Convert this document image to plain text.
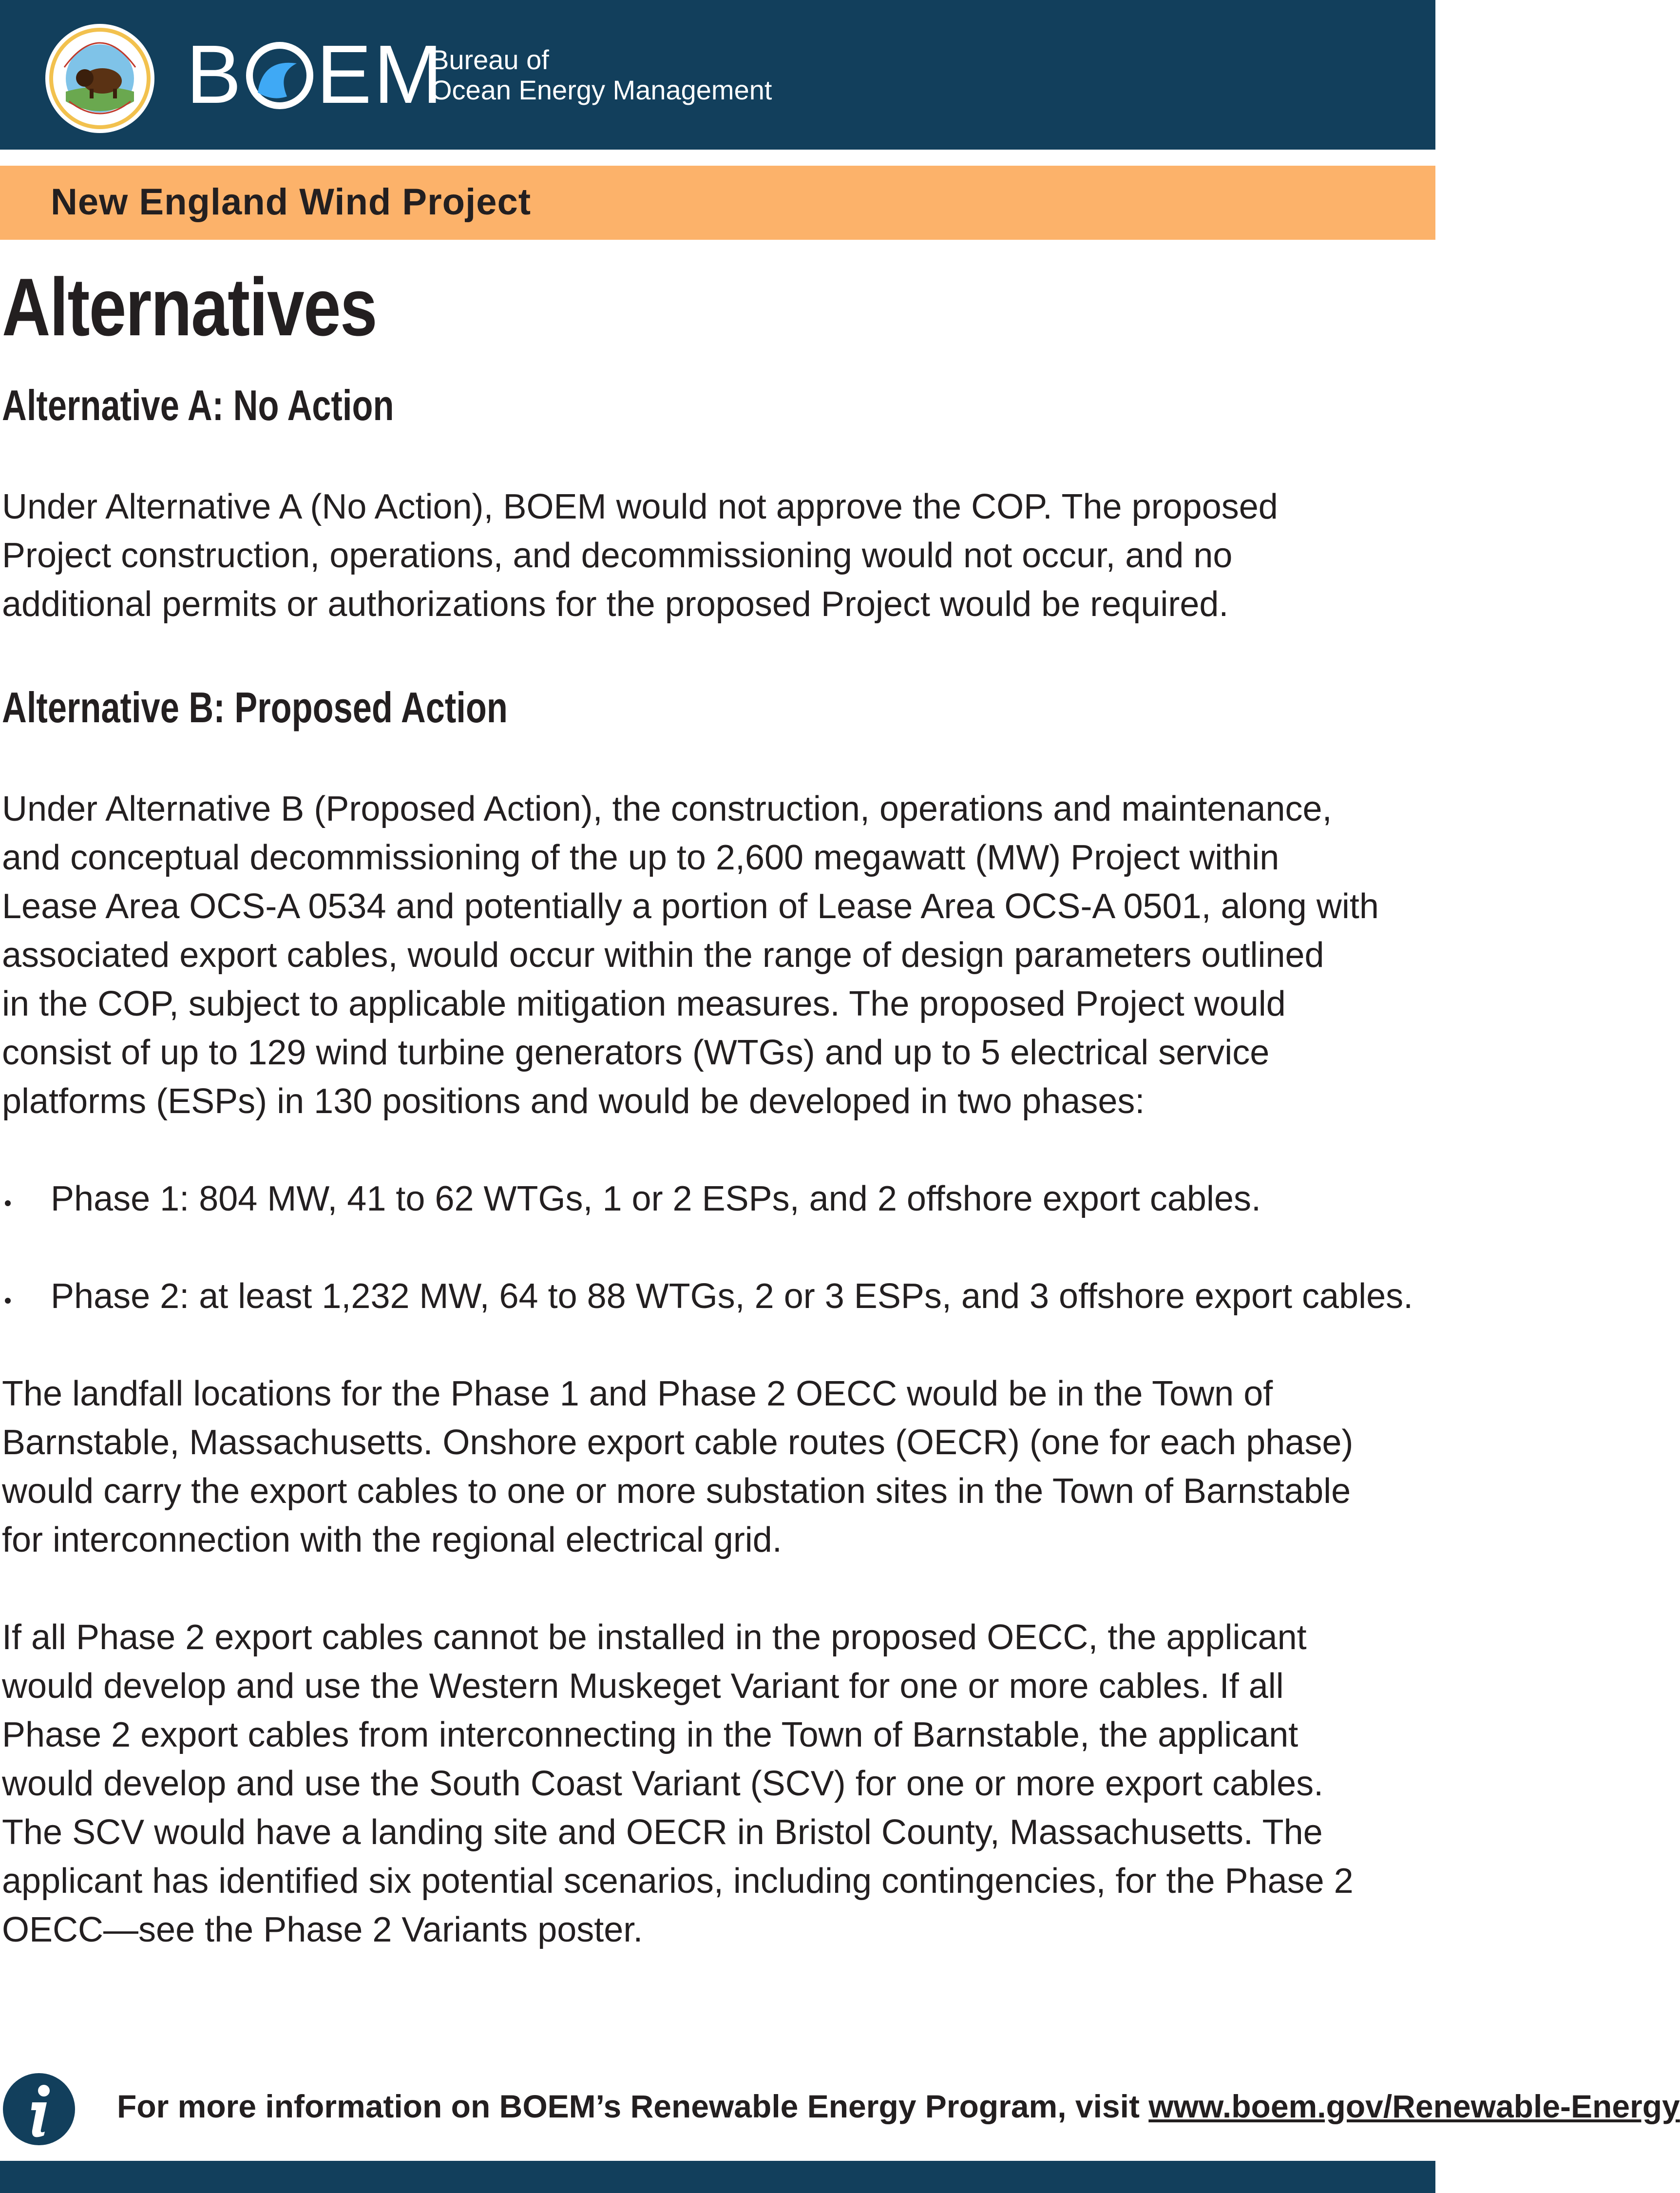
B EM
Bureau of
Ocean Energy Management
New England Wind Project
Alternatives
Alternative A: No Action

Under Alternative A (No Action), BOEM would not approve the COP. The proposed
Project construction, operations, and decommissioning would not occur, and no
additional permits or authorizations for the proposed Project would be required.

Alternative B: Proposed Action

Under Alternative B (Proposed Action), the construction, operations and maintenance,
and conceptual decommissioning of the up to 2,600 megawatt (MW) Project within
Lease Area OCS-A 0534 and potentially a portion of Lease Area OCS-A 0501, along with
associated export cables, would occur within the range of design parameters outlined
in the COP, subject to applicable mitigation measures. The proposed Project would
consist of up to 129 wind turbine generators (WTGs) and up to 5 electrical service
platforms (ESPs) in 130 positions and would be developed in two phases:

Phase 1: 804 MW, 41 to 62 WTGs, 1 or 2 ESPs, and 2 offshore export cables.
Phase 2: at least 1,232 MW, 64 to 88 WTGs, 2 or 3 ESPs, and 3 offshore export cables.

The landfall locations for the Phase 1 and Phase 2 OECC would be in the Town of
Barnstable, Massachusetts. Onshore export cable routes (OECR) (one for each phase)
would carry the export cables to one or more substation sites in the Town of Barnstable
for interconnection with the regional electrical grid.

If all Phase 2 export cables cannot be installed in the proposed OECC, the applicant
would develop and use the Western Muskeget Variant for one or more cables. If all
Phase 2 export cables from interconnecting in the Town of Barnstable, the applicant
would develop and use the South Coast Variant (SCV) for one or more export cables.
The SCV would have a landing site and OECR in Bristol County, Massachusetts. The
applicant has identified six potential scenarios, including contingencies, for the Phase 2
OECC—see the Phase 2 Variants poster.

For more information on BOEM’s Renewable Energy Program, visit www.boem.gov/Renewable-Energy
